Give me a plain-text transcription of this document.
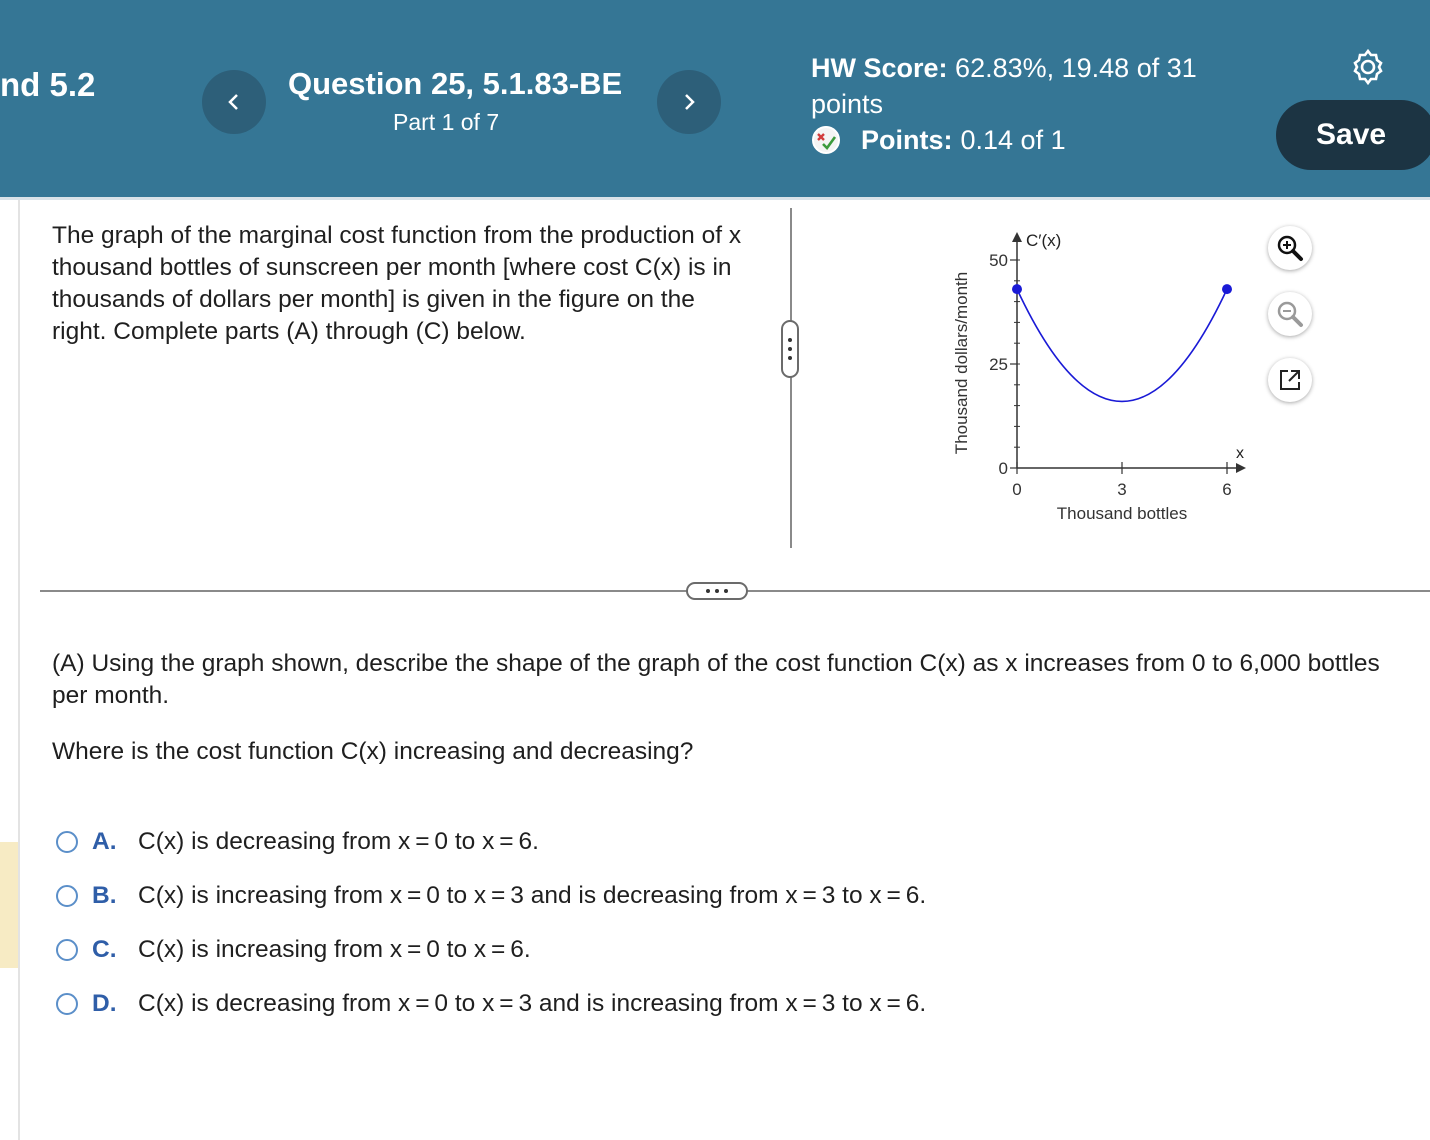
nd 5.2	Question 25, 5.1.83-BE
Part 1 of 7
HW Score: 62.83%, 19.48 of 31
points
Points: 0.14 of 1	Save
The graph of the marginal cost function from the production of x thousand bottles of sunscreen per month [where cost C(x) is in thousands of dollars per month] is given in the figure on the right. Complete parts (A) through (C) below.
0	3	6
0
25
50
C′(x)
x
Thousand bottles
Thousand dollars/month
(A) Using the graph shown, describe the shape of the graph of the cost function C(x) as x increases from 0 to 6,000 bottles per month.
Where is the cost function C(x) increasing and decreasing?
A. C(x) is decreasing from x = 0 to x = 6.
B. C(x) is increasing from x = 0 to x = 3 and is decreasing from x = 3 to x = 6.
C. C(x) is increasing from x = 0 to x = 6.
D. C(x) is decreasing from x = 0 to x = 3 and is increasing from x = 3 to x = 6.
